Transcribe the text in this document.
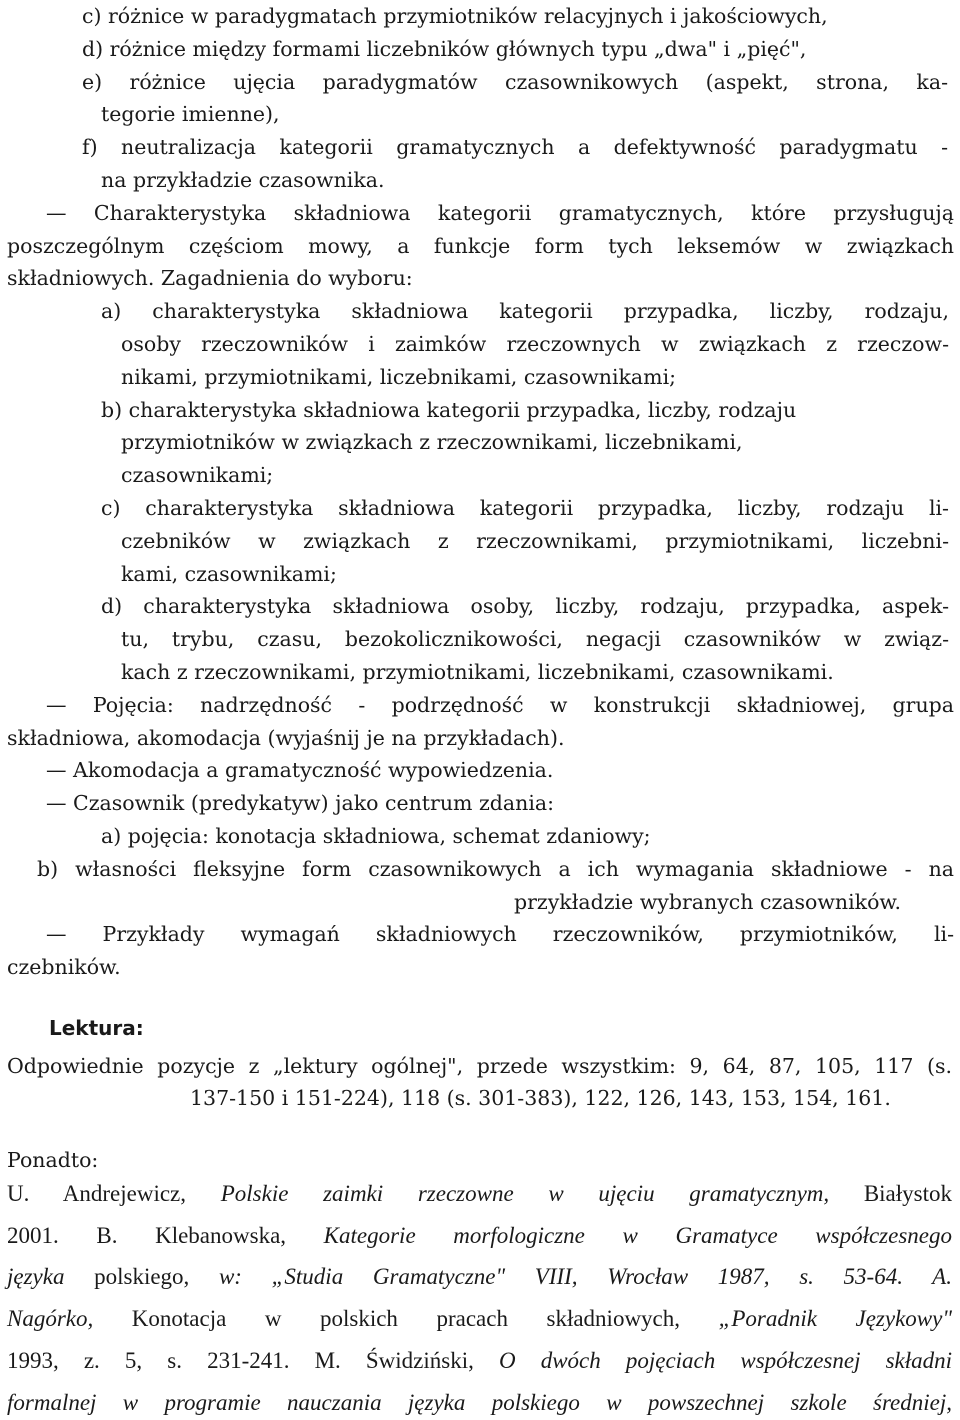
c) różnice w paradygmatach przymiotników relacyjnych i jakościowych,
d) różnice między formami liczebników głównych typu „dwa" i „pięć",
e) różnice ujęcia paradygmatów czasownikowych (aspekt, strona, ka-
tegorie imienne),
f) neutralizacja kategorii gramatycznych a defektywność paradygmatu -
na przykładzie czasownika.
— Charakterystyka składniowa kategorii gramatycznych, które przysługują
poszczególnym częściom mowy, a funkcje form tych leksemów w związkach
składniowych. Zagadnienia do wyboru:
a) charakterystyka składniowa kategorii przypadka, liczby, rodzaju,
osoby rzeczowników i zaimków rzeczownych w związkach z rzeczow-
nikami, przymiotnikami, liczebnikami, czasownikami;
b) charakterystyka składniowa kategorii przypadka, liczby, rodzaju
przymiotników w związkach z rzeczownikami, liczebnikami,
czasownikami;
c) charakterystyka składniowa kategorii przypadka, liczby, rodzaju li-
czebników w związkach z rzeczownikami, przymiotnikami, liczebni-
kami, czasownikami;
d) charakterystyka składniowa osoby, liczby, rodzaju, przypadka, aspek-
tu, trybu, czasu, bezokolicznikowości, negacji czasowników w związ-
kach z rzeczownikami, przymiotnikami, liczebnikami, czasownikami.
— Pojęcia: nadrzędność - podrzędność w konstrukcji składniowej, grupa
składniowa, akomodacja (wyjaśnij je na przykładach).
— Akomodacja a gramatyczność wypowiedzenia.
— Czasownik (predykatyw) jako centrum zdania:
a) pojęcia: konotacja składniowa, schemat zdaniowy;
b) własności fleksyjne form czasownikowych a ich wymagania składniowe - na
przykładzie wybranych czasowników.
— Przykłady wymagań składniowych rzeczowników, przymiotników, li-
czebników.
Lektura:
Odpowiednie pozycje z „lektury ogólnej", przede wszystkim: 9, 64, 87, 105, 117 (s.
137-150 i 151-224), 118 (s. 301-383), 122, 126, 143, 153, 154, 161.
Ponadto:
U. Andrejewicz, Polskie zaimki rzeczowne w ujęciu gramatycznym, Białystok
2001. B. Klebanowska, Kategorie morfologiczne w Gramatyce współczesnego
języka polskiego, w: „Studia Gramatyczne" VIII, Wrocław 1987, s. 53-64. A.
Nagórko, Konotacja w polskich pracach składniowych, „Poradnik Językowy"
1993, z. 5, s. 231-241. M. Świdziński, O dwóch pojęciach współczesnej składni
formalnej w programie nauczania języka polskiego w powszechnej szkole średniej,
